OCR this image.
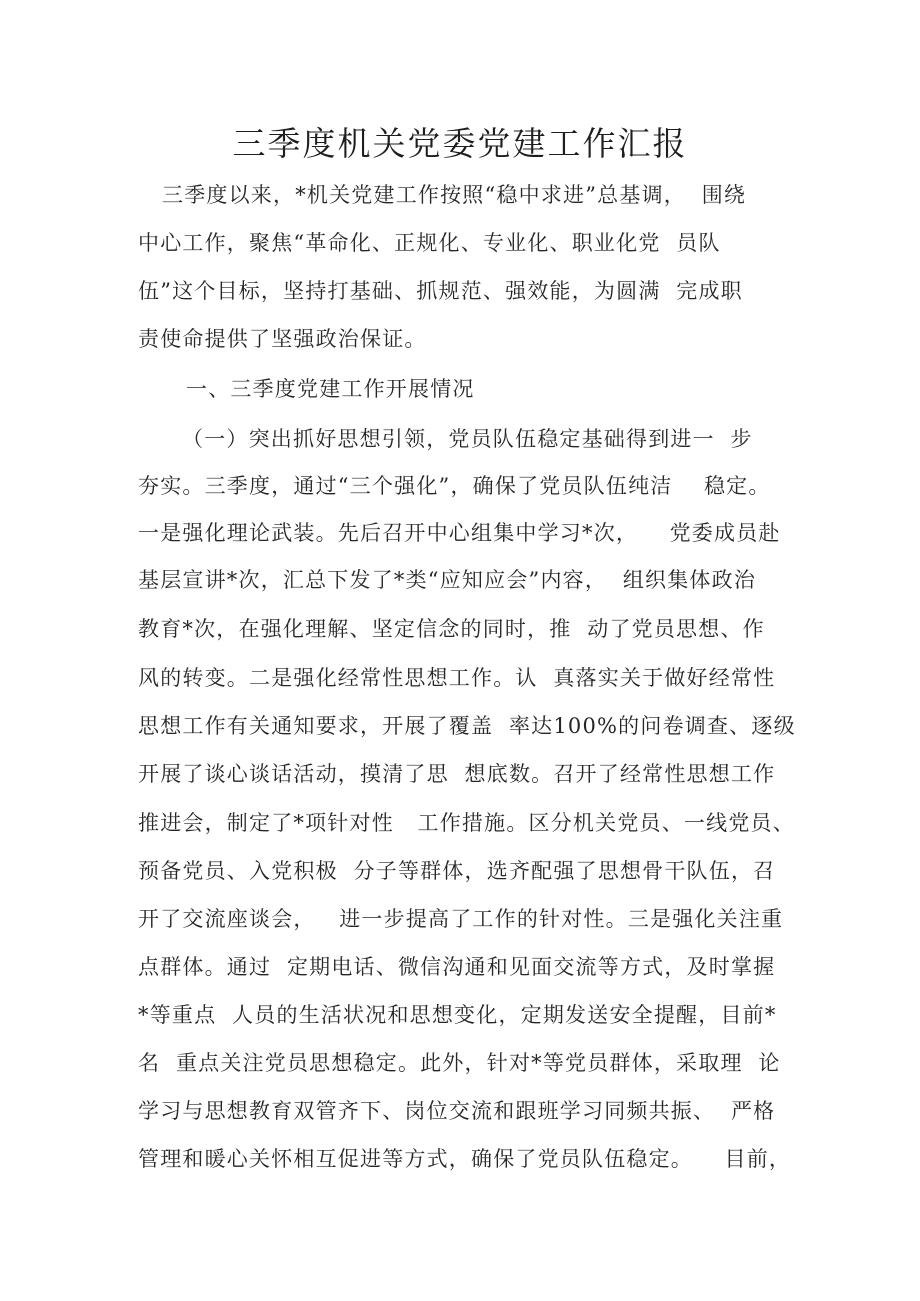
三季度机关党委党建工作汇报
三季度以来，*机关党建工作按照“稳中求进”总基调，  围绕
中心工作，聚焦“革命化、正规化、专业化、职业化党  员队
伍”这个目标，坚持打基础、抓规范、强效能，为圆满  完成职
责使命提供了坚强政治保证。
一、三季度党建工作开展情况
（一）突出抓好思想引领，党员队伍稳定基础得到进一  步
夯实。三季度，通过“三个强化”，确保了党员队伍纯洁    稳定。
一是强化理论武装。先后召开中心组集中学习*次，    党委成员赴
基层宣讲*次，汇总下发了*类“应知应会”内容，  组织集体政治
教育*次，在强化理解、坚定信念的同时，推  动了党员思想、作
风的转变。二是强化经常性思想工作。认  真落实关于做好经常性
思想工作有关通知要求，开展了覆盖  率达100%的问卷调查、逐级
开展了谈心谈话活动，摸清了思  想底数。召开了经常性思想工作
推进会，制定了*项针对性   工作措施。区分机关党员、一线党员、
预备党员、入党积极  分子等群体，选齐配强了思想骨干队伍，召
开了交流座谈会，   进一步提高了工作的针对性。三是强化关注重
点群体。通过  定期电话、微信沟通和见面交流等方式，及时掌握
*等重点  人员的生活状况和思想变化，定期发送安全提醒，目前*
名  重点关注党员思想稳定。此外，针对*等党员群体，采取理  论
学习与思想教育双管齐下、岗位交流和跟班学习同频共振、  严格
管理和暖心关怀相互促进等方式，确保了党员队伍稳定。    目前，
